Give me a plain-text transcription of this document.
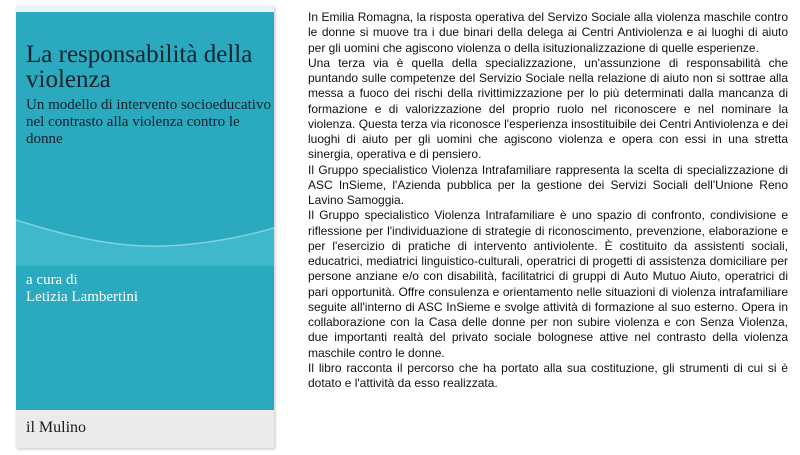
La responsabilità della violenza

Un modello di intervento socioeducativo nel contrasto alla violenza contro le donne

a cura di
Letizia Lambertini
il Mulino

In Emilia Romagna, la risposta operativa del Servizo Sociale alla violenza maschile contro le donne si muove tra i due binari della delega ai Centri Antiviolenza e ai luoghi di aiuto per gli uomini che agiscono violenza o della isituzionalizzazione di quelle esperienze.

Una terza via è quella della specializzazione, un'assunzione di responsabilità che puntando sulle competenze del Servizio Sociale nella relazione di aiuto non si sottrae alla messa a fuoco dei rischi della rivittimizzazione per lo più determinati dalla mancanza di formazione e di valorizzazione del proprio ruolo nel riconoscere e nel nominare la violenza. Questa terza via riconosce l'esperienza insostituibile dei Centri Antiviolenza e dei luoghi di aiuto per gli uomini che agiscono violenza e opera con essi in una stretta sinergia, operativa e di pensiero.

Il Gruppo specialistico Violenza Intrafamiliare rappresenta la scelta di specializzazione di ASC InSieme, l'Azienda pubblica per la gestione dei Servizi Sociali dell'Unione Reno Lavino Samoggia.

Il Gruppo specialistico Violenza Intrafamiliare è uno spazio di confronto, condivisione e riflessione per l'individuazione di strategie di riconoscimento, prevenzione, elaborazione e per l'esercizio di pratiche di intervento antiviolente. È costituito da assistenti sociali, educatrici, mediatrici linguistico-culturali, operatrici di progetti di assistenza domiciliare per persone anziane e/o con disabilità, facilitatrici di gruppi di Auto Mutuo Aiuto, operatrici di pari opportunità. Offre consulenza e orientamento nelle situazioni di violenza intrafamiliare seguite all'interno di ASC InSieme e svolge attività di formazione al suo esterno. Opera in collaborazione con la Casa delle donne per non subire violenza e con Senza Violenza, due importanti realtà del privato sociale bolognese attive nel contrasto della violenza maschile contro le donne.

Il libro racconta il percorso che ha portato alla sua costituzione, gli strumenti di cui si è dotato e l'attività da esso realizzata.
